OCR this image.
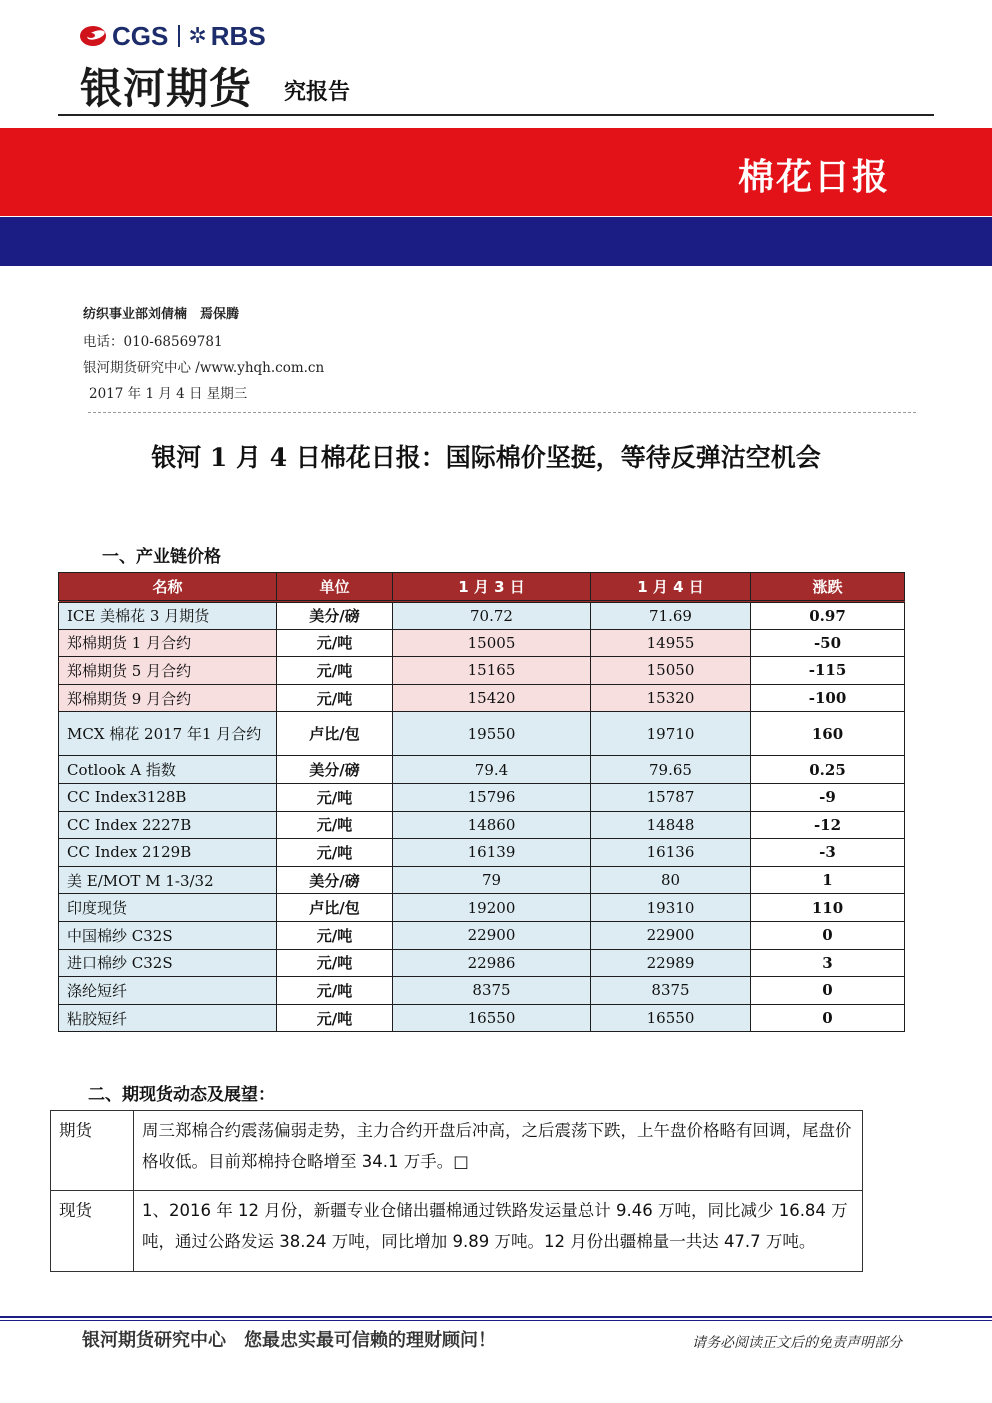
CGS ✲ RBS
银河期货 究报告
棉花日报
纺织事业部刘倩楠　焉保腾
电话：010-68569781
银河期货研究中心 /www.yhqh.com.cn
2017 年 1 月 4 日 星期三
银河 1 月 4 日棉花日报：国际棉价坚挺，等待反弹沽空机会
一、产业链价格
名称	单位	1 月 3 日	1 月 4 日	涨跌
ICE 美棉花 3 月期货	美分/磅	70.72	71.69	0.97
郑棉期货 1 月合约	元/吨	15005	14955	-50
郑棉期货 5 月合约	元/吨	15165	15050	-115
郑棉期货 9 月合约	元/吨	15420	15320	-100
MCX 棉花 2017 年1 月合约	卢比/包	19550	19710	160
Cotlook A 指数	美分/磅	79.4	79.65	0.25
CC Index3128B	元/吨	15796	15787	-9
CC Index 2227B	元/吨	14860	14848	-12
CC Index 2129B	元/吨	16139	16136	-3
美 E/MOT M 1-3/32	美分/磅	79	80	1
印度现货	卢比/包	19200	19310	110
中国棉纱 C32S	元/吨	22900	22900	0
进口棉纱 C32S	元/吨	22986	22989	3
涤纶短纤	元/吨	8375	8375	0
粘胶短纤	元/吨	16550	16550	0
二、期现货动态及展望：
期货	周三郑棉合约震荡偏弱走势，主力合约开盘后冲高，之后震荡下跌，上午盘价格略有回调，尾盘价格收低。目前郑棉持仓略增至 34.1 万手。□
现货	1、2016 年 12 月份，新疆专业仓储出疆棉通过铁路发运量总计 9.46 万吨，同比减少 16.84 万吨，通过公路发运 38.24 万吨，同比增加 9.89 万吨。12 月份出疆棉量一共达 47.7 万吨。
银河期货研究中心　您最忠实最可信赖的理财顾问！	请务必阅读正文后的免责声明部分
